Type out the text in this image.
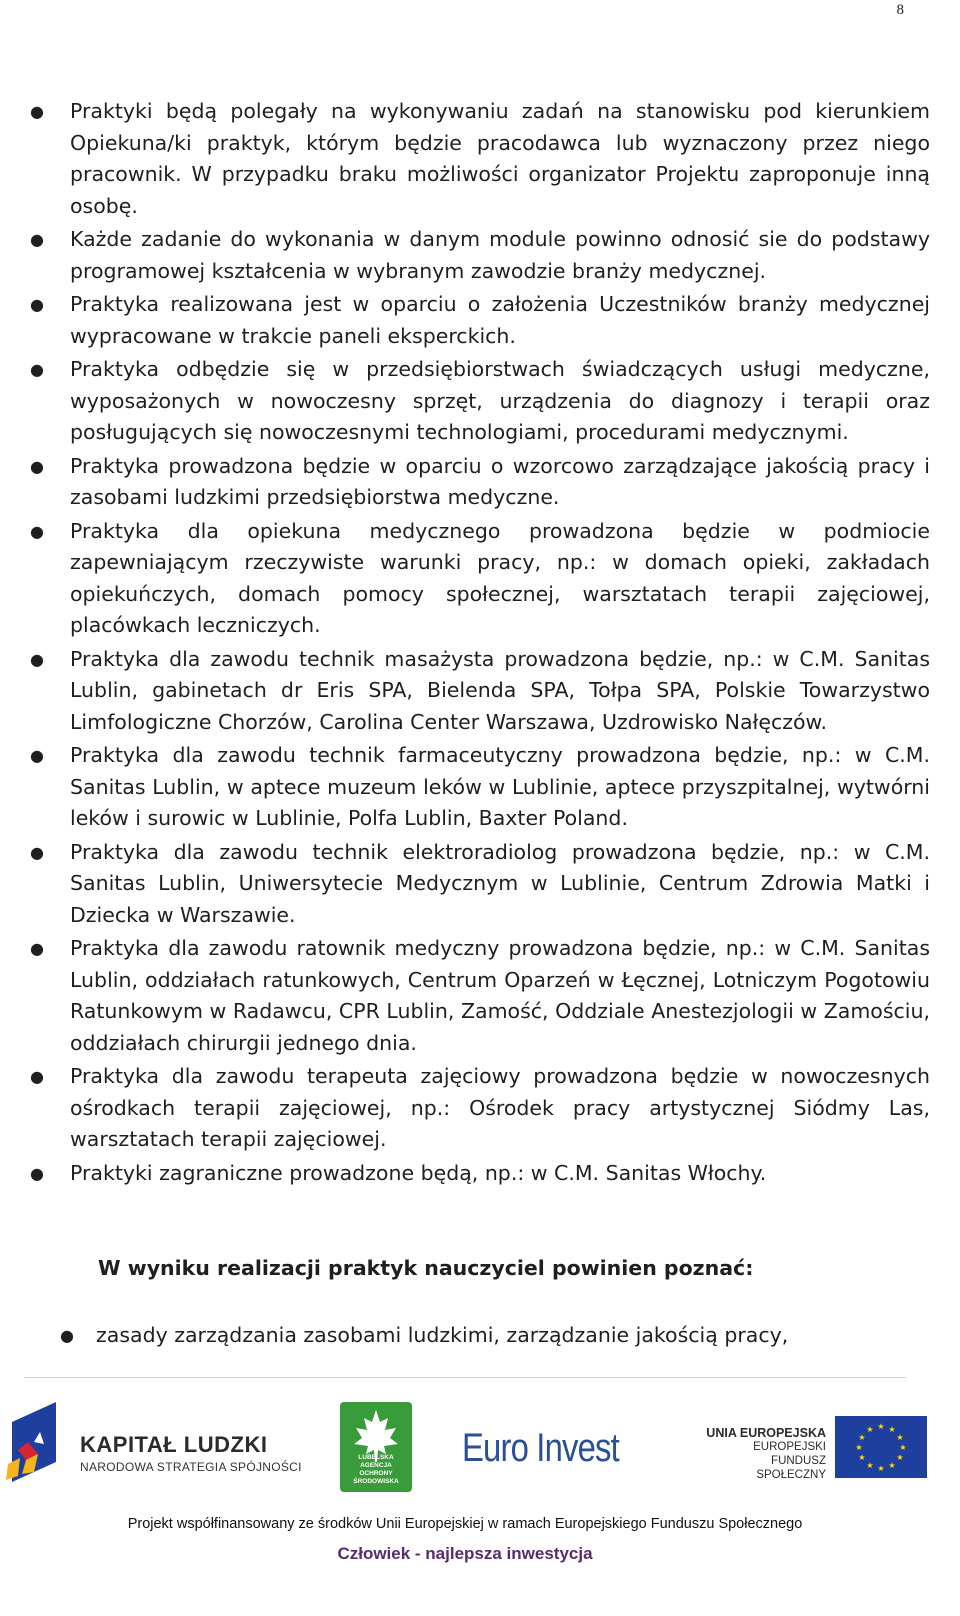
8
● Praktyki będą polegały na wykonywaniu zadań na stanowisku pod kierunkiem Opiekuna/ki praktyk, którym będzie pracodawca lub wyznaczony przez niego pracownik. W przypadku braku możliwości organizator Projektu zaproponuje inną osobę.
● Każde zadanie do wykonania w danym module powinno odnosić sie do podstawy programowej kształcenia w wybranym zawodzie branży medycznej.
● Praktyka realizowana jest w oparciu o założenia Uczestników branży medycznej wypracowane w trakcie paneli eksperckich.
● Praktyka odbędzie się w przedsiębiorstwach świadczących usługi medyczne, wyposażonych w nowoczesny sprzęt, urządzenia do diagnozy i terapii oraz posługujących się nowoczesnymi technologiami, procedurami medycznymi.
● Praktyka prowadzona będzie w oparciu o wzorcowo zarządzające jakością pracy i zasobami ludzkimi przedsiębiorstwa medyczne.
● Praktyka dla opiekuna medycznego prowadzona będzie w podmiocie zapewniającym rzeczywiste warunki pracy, np.: w domach opieki, zakładach opiekuńczych, domach pomocy społecznej, warsztatach terapii zajęciowej, placówkach leczniczych.
● Praktyka dla zawodu technik masażysta prowadzona będzie, np.: w C.M. Sanitas Lublin, gabinetach dr Eris SPA, Bielenda SPA, Tołpa SPA, Polskie Towarzystwo Limfologiczne Chorzów, Carolina Center Warszawa, Uzdrowisko Nałęczów.
● Praktyka dla zawodu technik farmaceutyczny prowadzona będzie, np.: w C.M. Sanitas Lublin, w aptece muzeum leków w Lublinie, aptece przyszpitalnej, wytwórni leków i surowic w Lublinie, Polfa Lublin, Baxter Poland.
● Praktyka dla zawodu technik elektroradiolog prowadzona będzie, np.: w C.M. Sanitas Lublin, Uniwersytecie Medycznym w Lublinie, Centrum Zdrowia Matki i Dziecka w Warszawie.
● Praktyka dla zawodu ratownik medyczny prowadzona będzie, np.: w C.M. Sanitas Lublin, oddziałach ratunkowych, Centrum Oparzeń w Łęcznej, Lotniczym Pogotowiu Ratunkowym w Radawcu, CPR Lublin, Zamość, Oddziale Anestezjologii w Zamościu, oddziałach chirurgii jednego dnia.
● Praktyka dla zawodu terapeuta zajęciowy prowadzona będzie w nowoczesnych ośrodkach terapii zajęciowej, np.: Ośrodek pracy artystycznej Siódmy Las, warsztatach terapii zajęciowej.
● Praktyki zagraniczne prowadzone będą, np.: w C.M. Sanitas Włochy.
W wyniku realizacji praktyk nauczyciel powinien poznać:
● zasady zarządzania zasobami ludzkimi, zarządzanie jakością pracy,
KAPITAŁ LUDZKI
NARODOWA STRATEGIA SPÓJNOŚCI
LUBELSKA
AGENCJA
OCHRONY
ŚRODOWISKA
Euro Invest	UNIA EUROPEJSKA
EUROPEJSKI
FUNDUSZ SPOŁECZNY
★ ★
★
★
★
★
★
★
★
★
★
★
Projekt współfinansowany ze środków Unii Europejskiej w ramach Europejskiego Funduszu Społecznego
Człowiek - najlepsza inwestycja
